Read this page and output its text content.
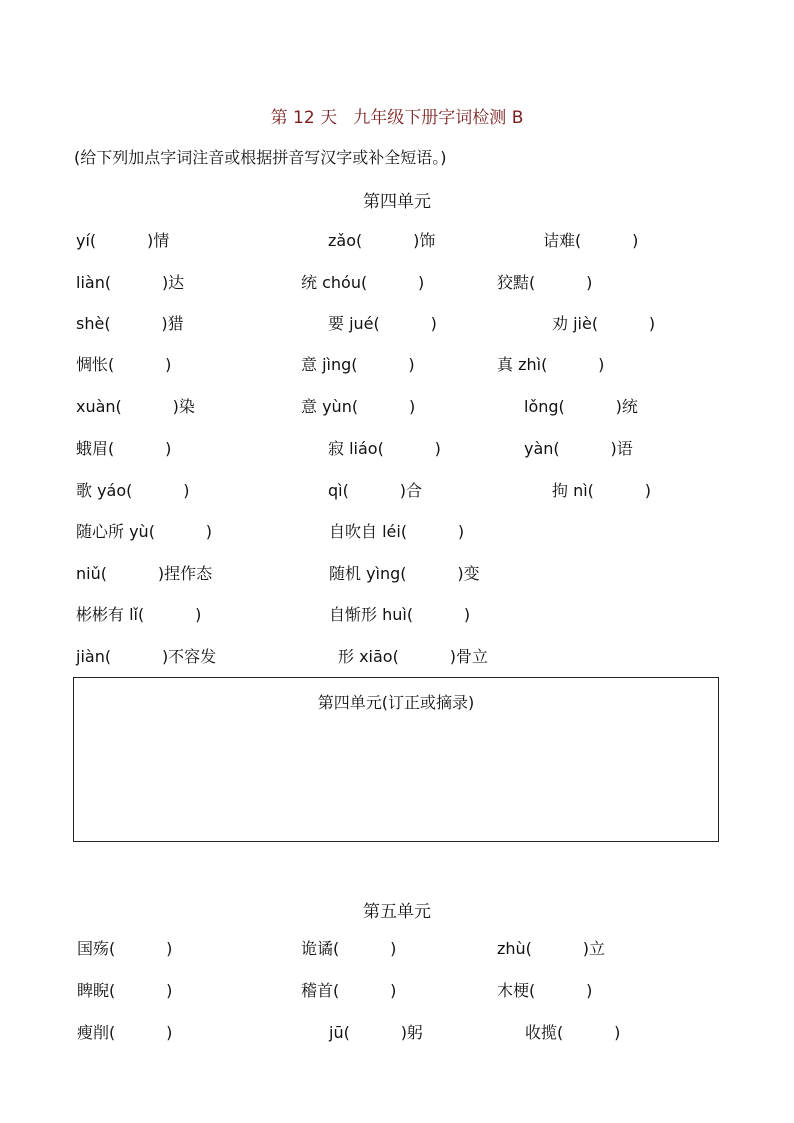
第 12 天   九年级下册字词检测 B
(给下列加点字词注音或根据拼音写汉字或补全短语。)
第四单元
yí(          )情	zǎo(          )饰	诘难(          )
liàn(          )达	统 chóu(          )	狡黠(          )
shè(          )猎	要 jué(          )	劝 jiè(          )
惆怅(          )	意 jìng(          )	真 zhì(          )
xuàn(          )染	意 yùn(          )	lǒng(          )统
蛾眉(          )	寂 liáo(          )	yàn(          )语
歌 yáo(          )	qì(          )合	拘 nì(          )
随心所 yù(          )	自吹自 léi(          )
niǔ(          )捏作态	随机 yìng(          )变
彬彬有 lǐ(          )	自惭形 huì(          )
jiàn(          )不容发	形 xiāo(          )骨立
第四单元(订正或摘录)
第五单元
国殇(          )	诡谲(          )	zhù(          )立
睥睨(          )	稽首(          )	木梗(          )
瘦削(          )	jū(          )躬	收揽(          )
